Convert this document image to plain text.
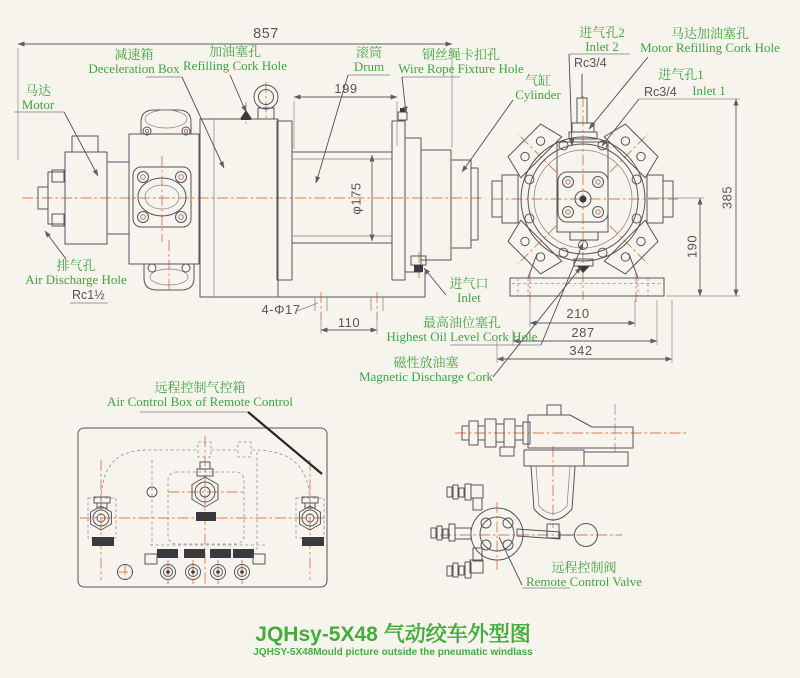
马达
Motor
减速箱
Deceleration Box
加油塞孔
Refilling Cork Hole
滚筒
Drum
钢丝绳卡扣孔
Wire Rope Fixture Hole
进气孔2
Inlet 2
Rc3/4
马达加油塞孔
Motor Refilling Cork Hole
进气孔1
Inlet 1
Rc3/4
气缸
Cylinder
排气孔
Air Discharge Hole
Rc1½
进气口
Inlet
最高油位塞孔
Highest Oil Level Cork Hole
磁性放油塞
Magnetic Discharge Cork
远程控制气控箱
Air Control Box of Remote Control
远程控制阀
Remote Control Valve
857
199
φ175
4-Φ17
110
385
190
210
287
342
JQHsy-5X48 气动绞车外型图
JQHSY-5X48Mould picture outside the pneumatic windlass
